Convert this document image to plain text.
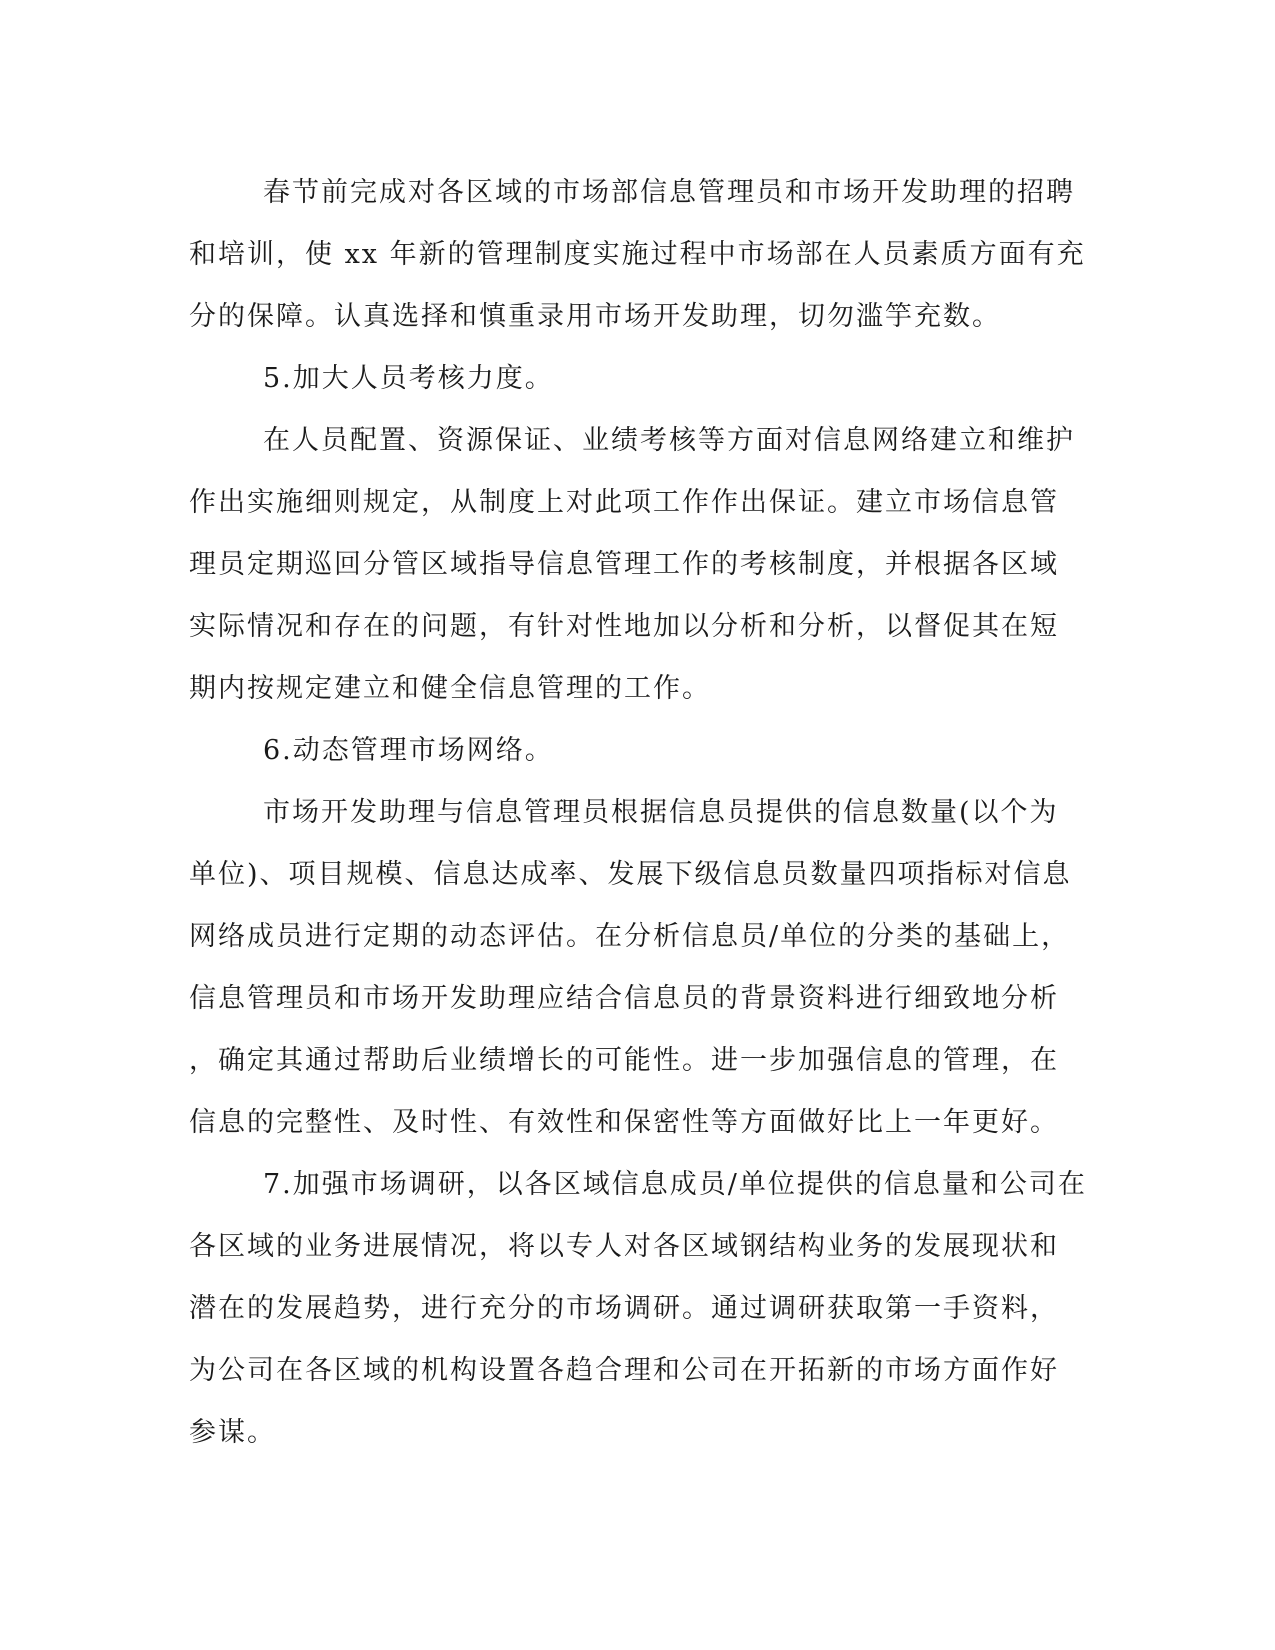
春节前完成对各区域的市场部信息管理员和市场开发助理的招聘
和培训，使 xx 年新的管理制度实施过程中市场部在人员素质方面有充
分的保障。认真选择和慎重录用市场开发助理，切勿滥竽充数。
5.加大人员考核力度。
在人员配置、资源保证、业绩考核等方面对信息网络建立和维护
作出实施细则规定，从制度上对此项工作作出保证。建立市场信息管
理员定期巡回分管区域指导信息管理工作的考核制度，并根据各区域
实际情况和存在的问题，有针对性地加以分析和分析，以督促其在短
期内按规定建立和健全信息管理的工作。
6.动态管理市场网络。
市场开发助理与信息管理员根据信息员提供的信息数量(以个为
单位)、项目规模、信息达成率、发展下级信息员数量四项指标对信息
网络成员进行定期的动态评估。在分析信息员/单位的分类的基础上，
信息管理员和市场开发助理应结合信息员的背景资料进行细致地分析
，确定其通过帮助后业绩增长的可能性。进一步加强信息的管理，在
信息的完整性、及时性、有效性和保密性等方面做好比上一年更好。
7.加强市场调研，以各区域信息成员/单位提供的信息量和公司在
各区域的业务进展情况，将以专人对各区域钢结构业务的发展现状和
潜在的发展趋势，进行充分的市场调研。通过调研获取第一手资料，
为公司在各区域的机构设置各趋合理和公司在开拓新的市场方面作好
参谋。
